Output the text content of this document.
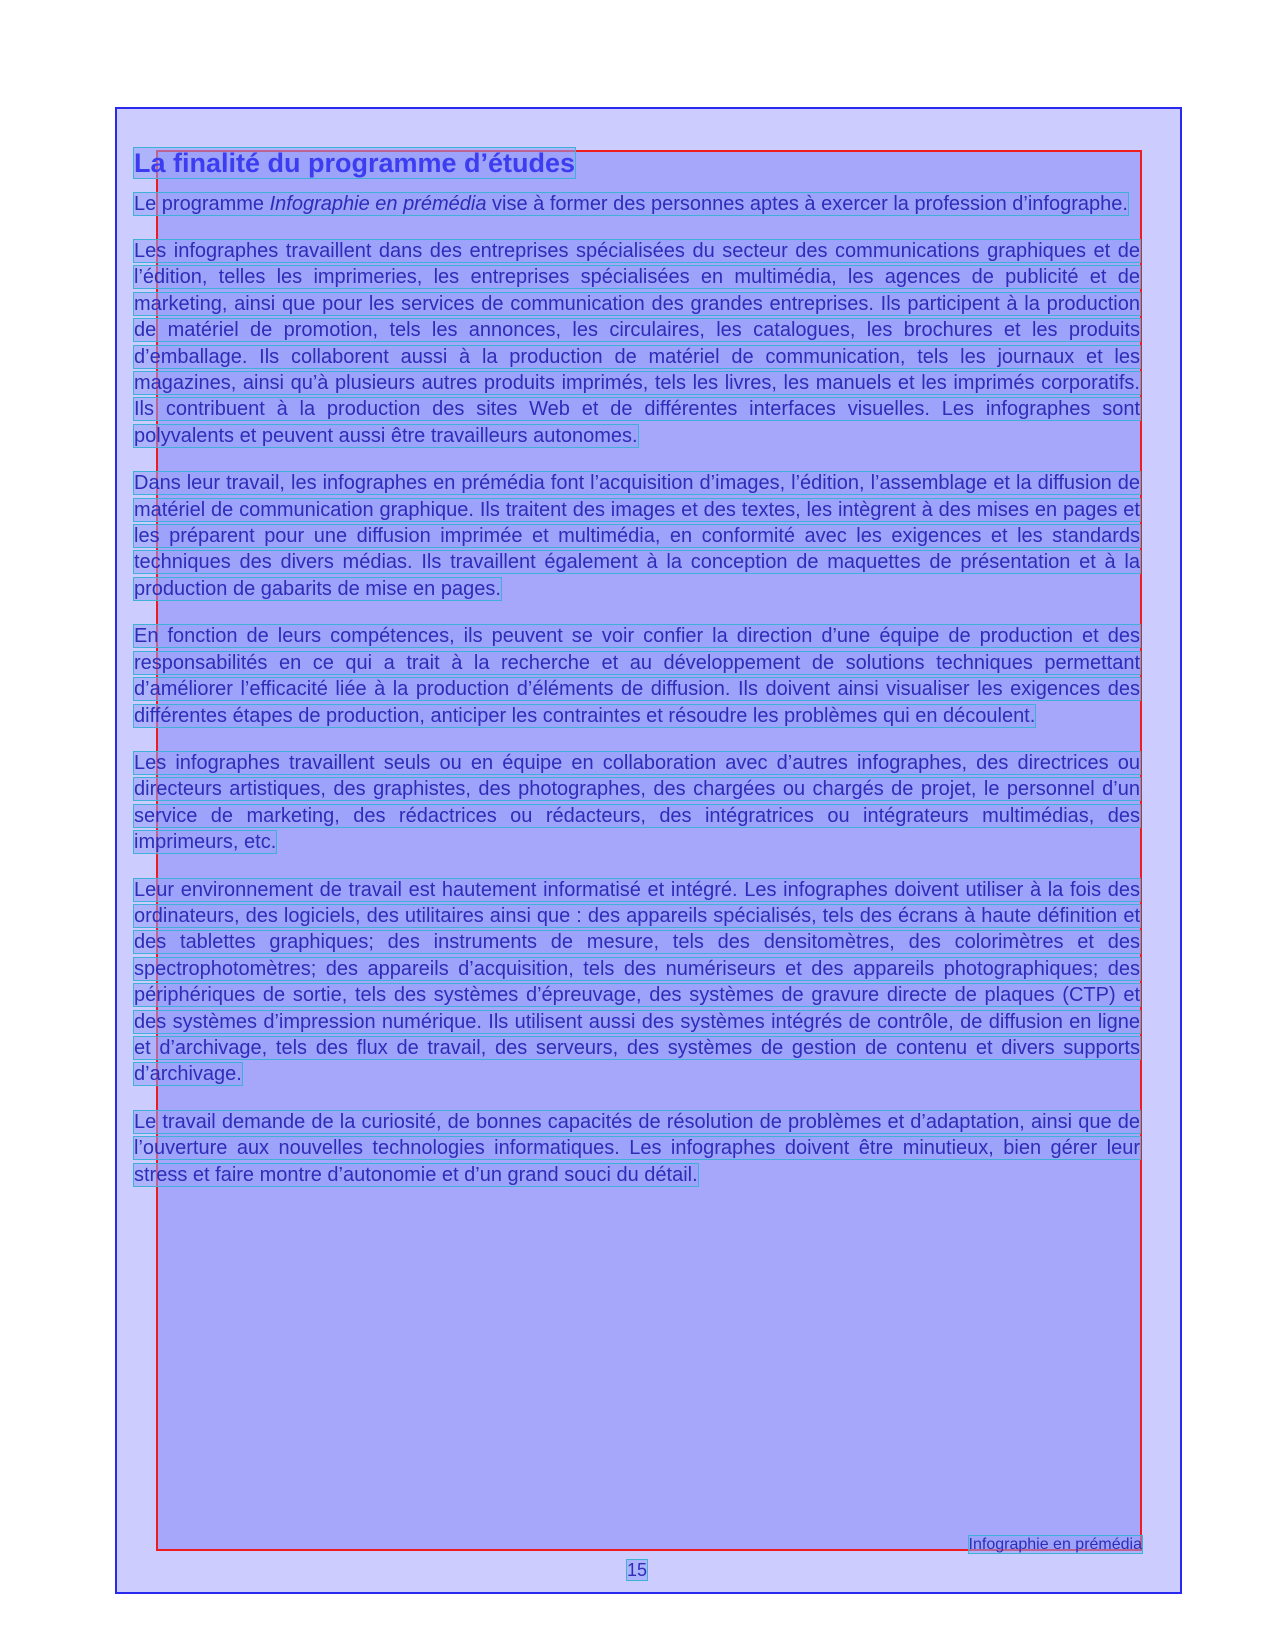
La finalité du programme d’études

Le programme Infographie en prémédia vise à former des personnes aptes à exercer la profession d’infographe.

Les infographes travaillent dans des entreprises spécialisées du secteur des communications graphiques et de l’édition, telles les imprimeries, les entreprises spécialisées en multimédia, les agences de publicité et de marketing, ainsi que pour les services de communication des grandes entreprises. Ils participent à la production de matériel de promotion, tels les annonces, les circulaires, les catalogues, les brochures et les produits d’emballage. Ils collaborent aussi à la production de matériel de communication, tels les journaux et les magazines, ainsi qu’à plusieurs autres produits imprimés, tels les livres, les manuels et les imprimés corporatifs. Ils contribuent à la production des sites Web et de différentes interfaces visuelles. Les infographes sont polyvalents et peuvent aussi être travailleurs autonomes.

Dans leur travail, les infographes en prémédia font l’acquisition d’images, l’édition, l’assemblage et la diffusion de matériel de communication graphique. Ils traitent des images et des textes, les intègrent à des mises en pages et les préparent pour une diffusion imprimée et multimédia, en conformité avec les exigences et les standards techniques des divers médias. Ils travaillent également à la conception de maquettes de présentation et à la production de gabarits de mise en pages.

En fonction de leurs compétences, ils peuvent se voir confier la direction d’une équipe de production et des responsabilités en ce qui a trait à la recherche et au développement de solutions techniques permettant d’améliorer l’efficacité liée à la production d’éléments de diffusion. Ils doivent ainsi visualiser les exigences des différentes étapes de production, anticiper les contraintes et résoudre les problèmes qui en découlent.

Les infographes travaillent seuls ou en équipe en collaboration avec d’autres infographes, des directrices ou directeurs artistiques, des graphistes, des photographes, des chargées ou chargés de projet, le personnel d’un service de marketing, des rédactrices ou rédacteurs, des intégratrices ou intégrateurs multimédias, des imprimeurs, etc.

Leur environnement de travail est hautement informatisé et intégré. Les infographes doivent utiliser à la fois des ordinateurs, des logiciels, des utilitaires ainsi que : des appareils spécialisés, tels des écrans à haute définition et des tablettes graphiques; des instruments de mesure, tels des densitomètres, des colorimètres et des spectrophotomètres; des appareils d’acquisition, tels des numériseurs et des appareils photographiques; des périphériques de sortie, tels des systèmes d’épreuvage, des systèmes de gravure directe de plaques (CTP) et des systèmes d’impression numérique. Ils utilisent aussi des systèmes intégrés de contrôle, de diffusion en ligne et d’archivage, tels des flux de travail, des serveurs, des systèmes de gestion de contenu et divers supports d’archivage.

Le travail demande de la curiosité, de bonnes capacités de résolution de problèmes et d’adaptation, ainsi que de l’ouverture aux nouvelles technologies informatiques. Les infographes doivent être minutieux, bien gérer leur stress et faire montre d’autonomie et d’un grand souci du détail.

Infographie en prémédia
15
